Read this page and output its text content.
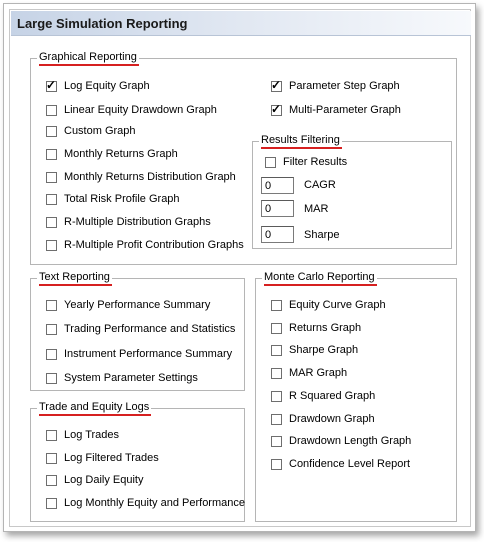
Large Simulation Reporting
Graphical Reporting
✓ Log Equity Graph
Linear Equity Drawdown Graph
Custom Graph
Monthly Returns Graph
Monthly Returns Distribution Graph
Total Risk Profile Graph
R-Multiple Distribution Graphs
R-Multiple Profit Contribution Graphs
✓ Parameter Step Graph
✓ Multi-Parameter Graph
Results Filtering
Filter Results
0
CAGR
0
MAR
0
Sharpe
Text Reporting
Yearly Performance Summary
Trading Performance and Statistics
Instrument Performance Summary
System Parameter Settings
Trade and Equity Logs
Log Trades
Log Filtered Trades
Log Daily Equity
Log Monthly Equity and Performance
Monte Carlo Reporting
Equity Curve Graph
Returns Graph
Sharpe Graph
MAR Graph
R Squared Graph
Drawdown Graph
Drawdown Length Graph
Confidence Level Report
